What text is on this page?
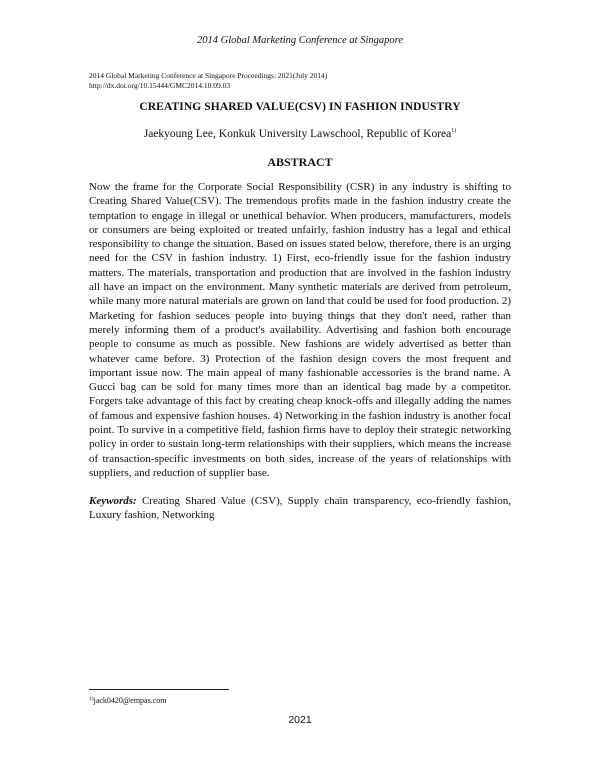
2014 Global Marketing Conference at Singapore
2014 Global Marketing Conference at Singapore Proceedings: 2021(July 2014)
http://dx.doi.org/10.15444/GMC2014.10.09.03
CREATING SHARED VALUE(CSV) IN FASHION INDUSTRY
Jaekyoung Lee, Konkuk University Lawschool, Republic of Korea$^{1)}$
ABSTRACT
Now the frame for the Corporate Social Responsibility (CSR) in any industry is shifting to Creating Shared Value(CSV). The tremendous profits made in the fashion industry create the temptation to engage in illegal or unethical behavior. When producers, manufacturers, models or consumers are being exploited or treated unfairly, fashion industry has a legal and ethical responsibility to change the situation. Based on issues stated below, therefore, there is an urging need for the CSV in fashion industry. 1) First, eco-friendly issue for the fashion industry matters. The materials, transportation and production that are involved in the fashion industry all have an impact on the environment. Many synthetic materials are derived from petroleum, while many more natural materials are grown on land that could be used for food production. 2) Marketing for fashion seduces people into buying things that they don't need, rather than merely informing them of a product's availability. Advertising and fashion both encourage people to consume as much as possible. New fashions are widely advertised as better than whatever came before. 3) Protection of the fashion design covers the most frequent and important issue now. The main appeal of many fashionable accessories is the brand name. A Gucci bag can be sold for many times more than an identical bag made by a competitor. Forgers take advantage of this fact by creating cheap knock-offs and illegally adding the names of famous and expensive fashion houses. 4) Networking in the fashion industry is another focal point. To survive in a competitive field, fashion firms have to deploy their strategic networking policy in order to sustain long-term relationships with their suppliers, which means the increase of transaction-specific investments on both sides, increase of the years of relationships with suppliers, and reduction of supplier base.
Keywords: Creating Shared Value (CSV), Supply chain transparency, eco-friendly fashion, Luxury fashion, Networking
$^{1)}$jack0420@empas.com
2021
